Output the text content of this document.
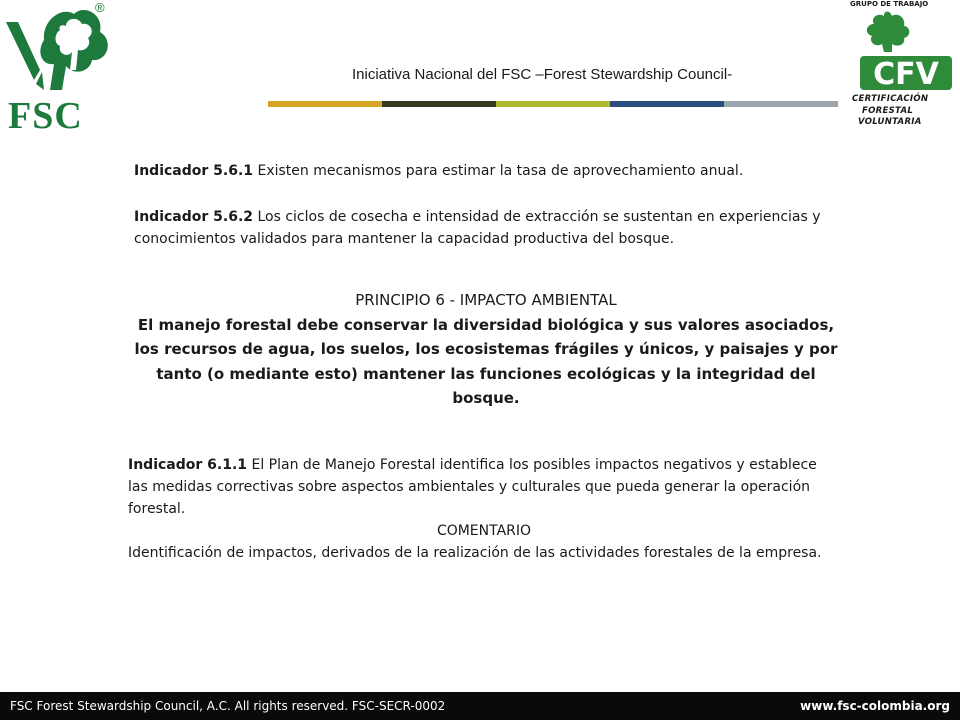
®
FSC
Iniciativa Nacional del FSC –Forest Stewardship Council-
GRUPO DE TRABAJO
CFV
CERTIFICACIÓN
FORESTAL
VOLUNTARIA
Indicador 5.6.1 Existen mecanismos para estimar la tasa de aprovechamiento anual.
Indicador 5.6.2 Los ciclos de cosecha e intensidad de extracción se sustentan en experiencias y conocimientos validados para mantener la capacidad productiva del bosque.
PRINCIPIO 6 - IMPACTO AMBIENTAL
El manejo forestal debe conservar la diversidad biológica y sus valores asociados, los recursos de agua, los suelos, los ecosistemas frágiles y únicos, y paisajes y por tanto (o mediante esto) mantener las funciones ecológicas y la integridad del bosque.
Indicador 6.1.1 El Plan de Manejo Forestal identifica los posibles impactos negativos y establece las medidas correctivas sobre aspectos ambientales y culturales que pueda generar la operación forestal.
COMENTARIO
Identificación de impactos, derivados de la realización de las actividades forestales de la empresa.
FSC Forest Stewardship Council, A.C. All rights reserved. FSC-SECR-0002	www.fsc-colombia.org
